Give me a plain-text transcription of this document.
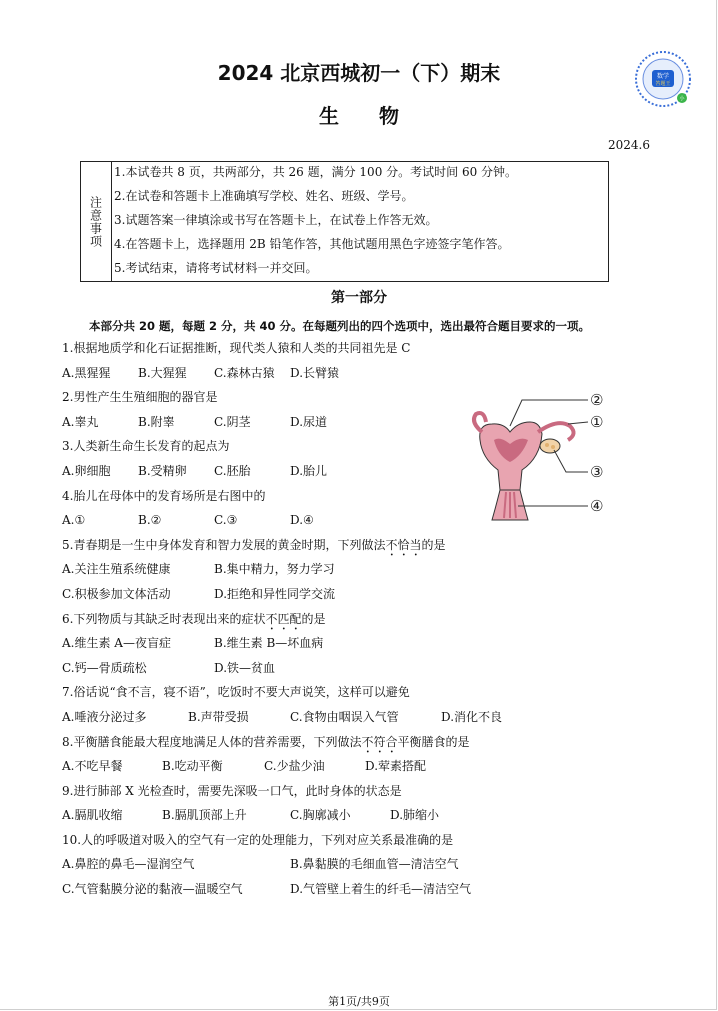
2024 北京西城初一（下）期末
生物
2024.6
数学
答题王
小
注意事项
1.本试卷共 8 页，共两部分，共 26 题，满分 100 分。考试时间 60 分钟。
2.在试卷和答题卡上准确填写学校、姓名、班级、学号。
3.试题答案一律填涂或书写在答题卡上，在试卷上作答无效。
4.在答题卡上，选择题用 2B 铅笔作答，其他试题用黑色字迹签字笔作答。
5.考试结束，请将考试材料一并交回。
第一部分
本部分共 20 题，每题 2 分，共 40 分。在每题列出的四个选项中，选出最符合题目要求的一项。
1.根据地质学和化石证据推断，现代类人猿和人类的共同祖先是 C
A.黑猩猩 B.大猩猩 C.森林古猿 D.长臂猿
2.男性产生生殖细胞的器官是
A.睾丸	B.附睾	C.阴茎	D.尿道
3.人类新生命生长发育的起点为
A.卵细胞 B.受精卵 C.胚胎	D.胎儿
4.胎儿在母体中的发育场所是右图中的
A.①	B.②	C.③	D.④
5.青春期是一生中身体发育和智力发展的黄金时期，下列做法不恰当的是
A.关注生殖系统健康	B.集中精力，努力学习
C.积极参加文体活动	D.拒绝和异性同学交流
6.下列物质与其缺乏时表现出来的症状不匹配的是
A.维生素 A—夜盲症	B.维生素 B—坏血病
C.钙—骨质疏松	D.铁—贫血
7.俗话说“食不言，寝不语”，吃饭时不要大声说笑，这样可以避免
A.唾液分泌过多	B.声带受损	C.食物由咽误入气管	D.消化不良
8.平衡膳食能最大程度地满足人体的营养需要，下列做法不符合平衡膳食的是
A.不吃早餐	B.吃动平衡	C.少盐少油	D.荤素搭配
9.进行肺部 X 光检查时，需要先深吸一口气，此时身体的状态是
A.膈肌收缩	B.膈肌顶部上升	C.胸廓减小	D.肺缩小
10.人的呼吸道对吸入的空气有一定的处理能力，下列对应关系最准确的是
A.鼻腔的鼻毛—湿润空气	B.鼻黏膜的毛细血管—清洁空气
C.气管黏膜分泌的黏液—温暖空气	D.气管壁上着生的纤毛—清洁空气
①
②
③
④
第1页/共9页
